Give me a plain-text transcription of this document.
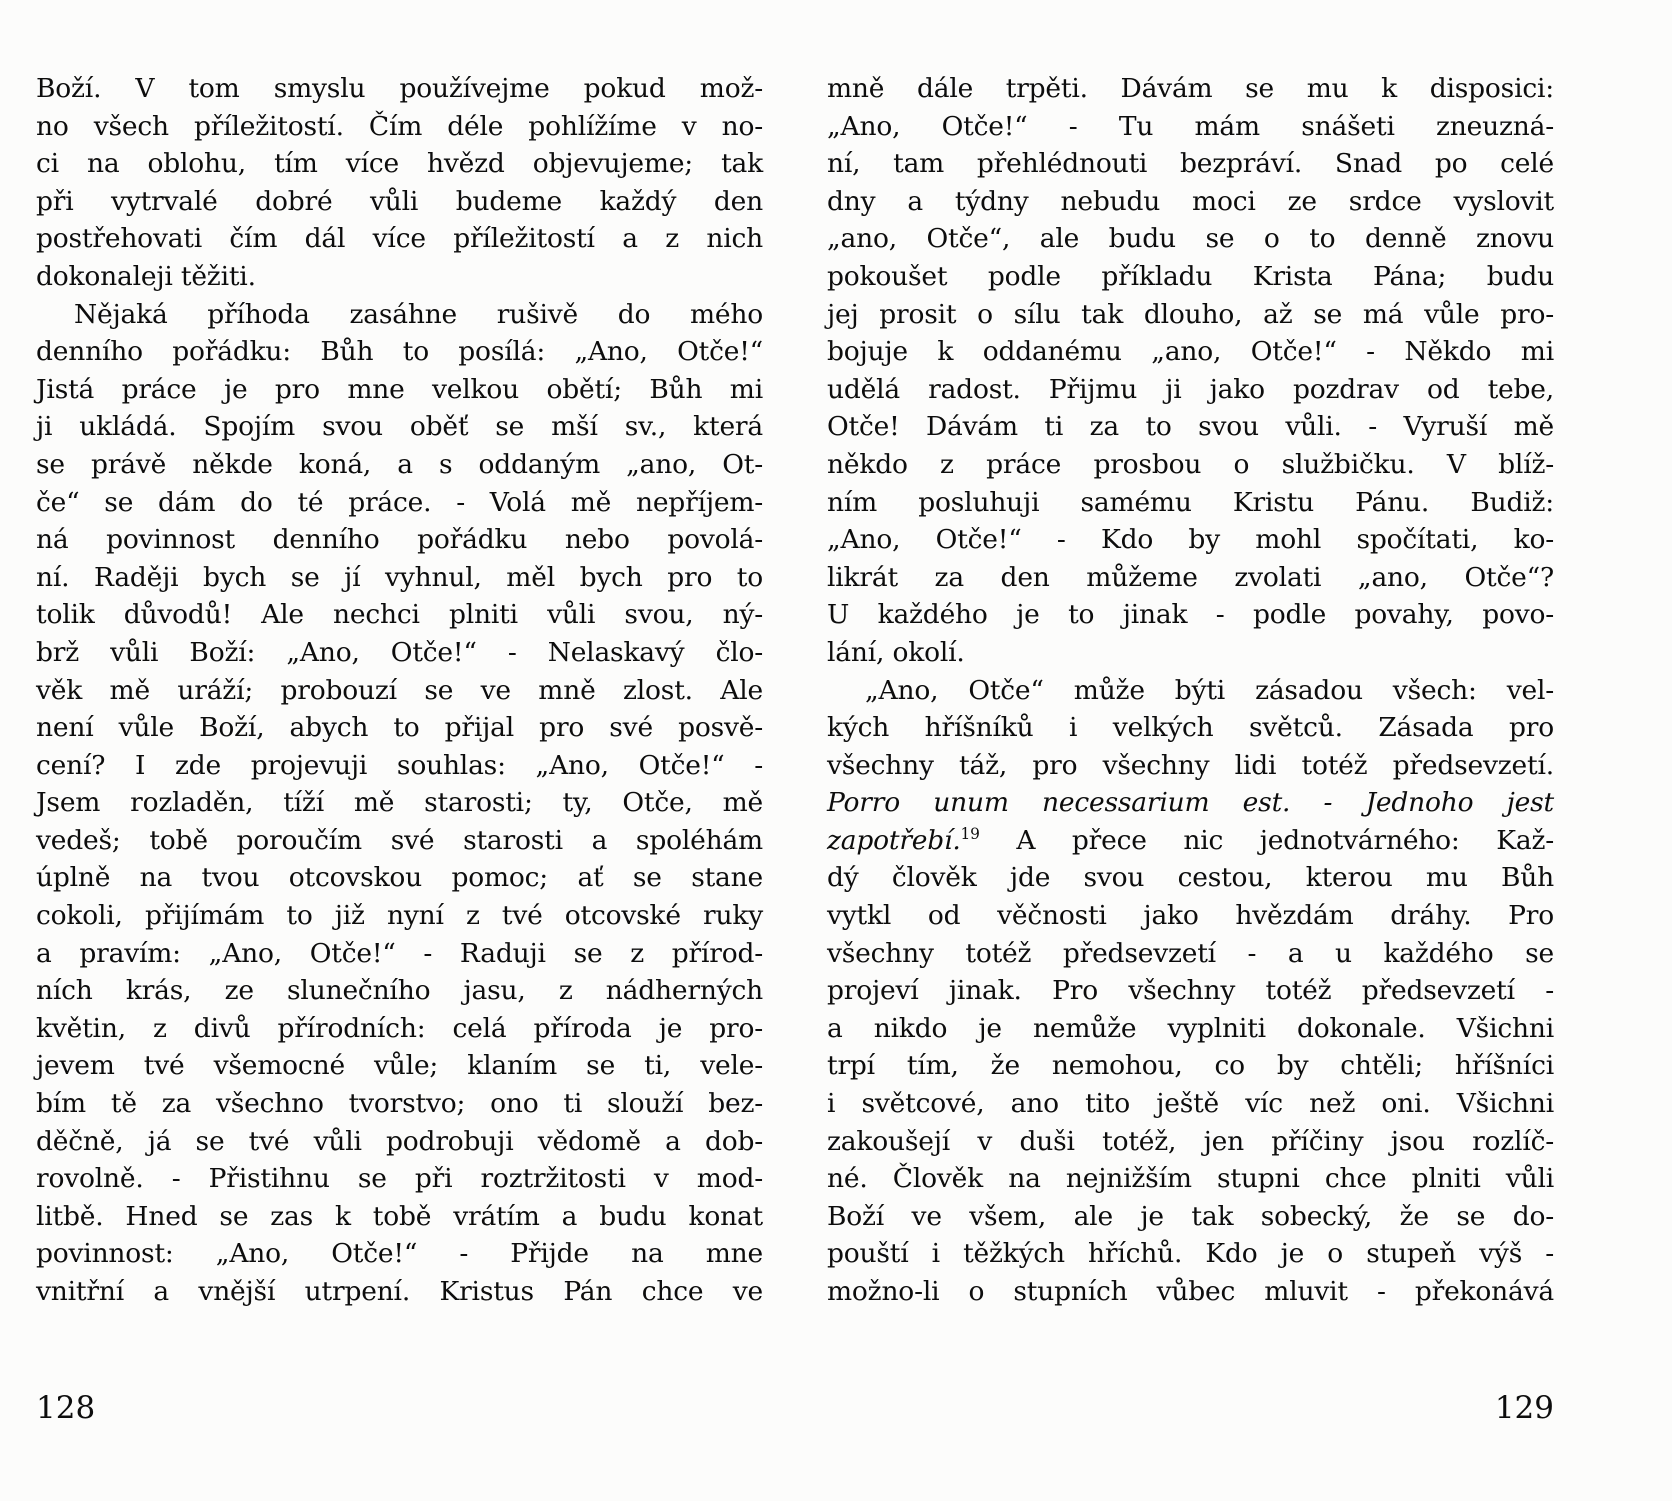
Boží. V tom smyslu používejme pokud mož-
no všech příležitostí. Čím déle pohlížíme v no-
ci na oblohu, tím více hvězd objevujeme; tak
při vytrvalé dobré vůli budeme každý den
postřehovati čím dál více příležitostí a z nich
dokonaleji těžiti.
Nějaká příhoda zasáhne rušivě do mého
denního pořádku: Bůh to posílá: „Ano, Otče!“
Jistá práce je pro mne velkou obětí; Bůh mi
ji ukládá. Spojím svou oběť se mší sv., která
se právě někde koná, a s oddaným „ano, Ot-
če“ se dám do té práce. - Volá mě nepříjem-
ná povinnost denního pořádku nebo povolá-
ní. Raději bych se jí vyhnul, měl bych pro to
tolik důvodů! Ale nechci plniti vůli svou, ný-
brž vůli Boží: „Ano, Otče!“ - Nelaskavý člo-
věk mě uráží; probouzí se ve mně zlost. Ale
není vůle Boží, abych to přijal pro své posvě-
cení? I zde projevuji souhlas: „Ano, Otče!“ -
Jsem rozladěn, tíží mě starosti; ty, Otče, mě
vedeš; tobě poroučím své starosti a spoléhám
úplně na tvou otcovskou pomoc; ať se stane
cokoli, přijímám to již nyní z tvé otcovské ruky
a pravím: „Ano, Otče!“ - Raduji se z přírod-
ních krás, ze slunečního jasu, z nádherných
květin, z divů přírodních: celá příroda je pro-
jevem tvé všemocné vůle; klaním se ti, vele-
bím tě za všechno tvorstvo; ono ti slouží bez-
děčně, já se tvé vůli podrobuji vědomě a dob-
rovolně. - Přistihnu se při roztržitosti v mod-
litbě. Hned se zas k tobě vrátím a budu konat
povinnost: „Ano, Otče!“ - Přijde na mne
vnitřní a vnější utrpení. Kristus Pán chce ve
mně dále trpěti. Dávám se mu k disposici:
„Ano, Otče!“ - Tu mám snášeti zneuzná-
ní, tam přehlédnouti bezpráví. Snad po celé
dny a týdny nebudu moci ze srdce vyslovit
„ano, Otče“, ale budu se o to denně znovu
pokoušet podle příkladu Krista Pána; budu
jej prosit o sílu tak dlouho, až se má vůle pro-
bojuje k oddanému „ano, Otče!“ - Někdo mi
udělá radost. Přijmu ji jako pozdrav od tebe,
Otče! Dávám ti za to svou vůli. - Vyruší mě
někdo z práce prosbou o službičku. V blíž-
ním posluhuji samému Kristu Pánu. Budiž:
„Ano, Otče!“ - Kdo by mohl spočítati, ko-
likrát za den můžeme zvolati „ano, Otče“?
U každého je to jinak - podle povahy, povo-
lání, okolí.
„Ano, Otče“ může býti zásadou všech: vel-
kých hříšníků i velkých světců. Zásada pro
všechny táž, pro všechny lidi totéž předsevzetí.
Porro unum necessarium est. - Jednoho jest
zapotřebí.$^{19}$ A přece nic jednotvárného: Kaž-
dý člověk jde svou cestou, kterou mu Bůh
vytkl od věčnosti jako hvězdám dráhy. Pro
všechny totéž předsevzetí - a u každého se
projeví jinak. Pro všechny totéž předsevzetí -
a nikdo je nemůže vyplniti dokonale. Všichni
trpí tím, že nemohou, co by chtěli; hříšníci
i světcové, ano tito ještě víc než oni. Všichni
zakoušejí v duši totéž, jen příčiny jsou rozlíč-
né. Člověk na nejnižším stupni chce plniti vůli
Boží ve všem, ale je tak sobecký, že se do-
pouští i těžkých hříchů. Kdo je o stupeň výš -
možno-li o stupních vůbec mluvit - překonává
128	129
